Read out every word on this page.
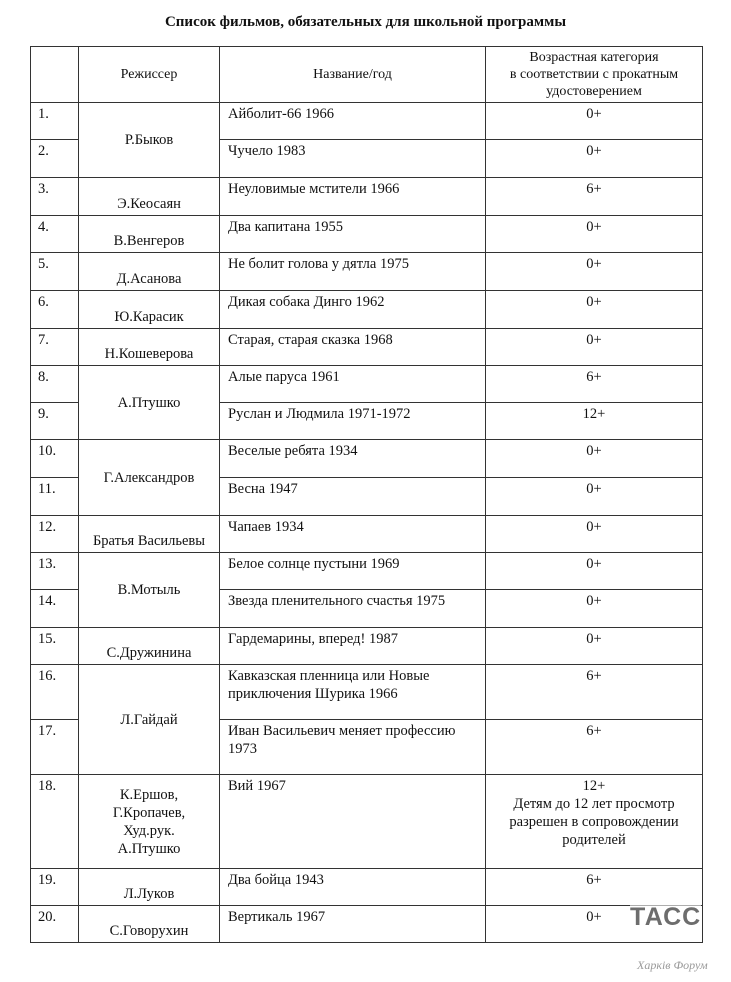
Список фильмов, обязательных для школьной программы
	Режиссер	Название/год	Возрастная категория
в соответствии с прокатным
удостоверением

1.	Р.Быков	Айболит-66 1966	0+

2.		Чучело 1983	0+

3.	Э.Кеосаян	Неуловимые мстители 1966	6+

4.	В.Венгеров	Два капитана 1955	0+

5.	Д.Асанова	Не болит голова у дятла 1975	0+

6.	Ю.Карасик	Дикая собака Динго 1962	0+

7.	Н.Кошеверова	Старая, старая сказка 1968	0+

8.	А.Птушко	Алые паруса 1961	6+

9.		Руслан и Людмила 1971-1972	12+

10.	Г.Александров	Веселые ребята 1934	0+

11.		Весна 1947	0+

12.	Братья Васильевы	Чапаев 1934	0+

13.	В.Мотыль	Белое солнце пустыни 1969	0+

14.		Звезда пленительного счастья 1975	0+

15.	С.Дружинина	Гардемарины, вперед! 1987	0+

16.	Л.Гайдай	Кавказская пленница или Новые
приключения Шурика 1966	6+

17.		Иван Васильевич меняет профессию
1973	6+

18.	К.Ершов,
Г.Кропачев,
Худ.рук.
А.Птушко	Вий 1967	12+
Детям до 12 лет просмотр
разрешен в сопровождении
родителей

19.	Л.Луков	Два бойца 1943	6+

20.	С.Говорухин	Вертикаль 1967	0+	ТАСС
Харків Форум
